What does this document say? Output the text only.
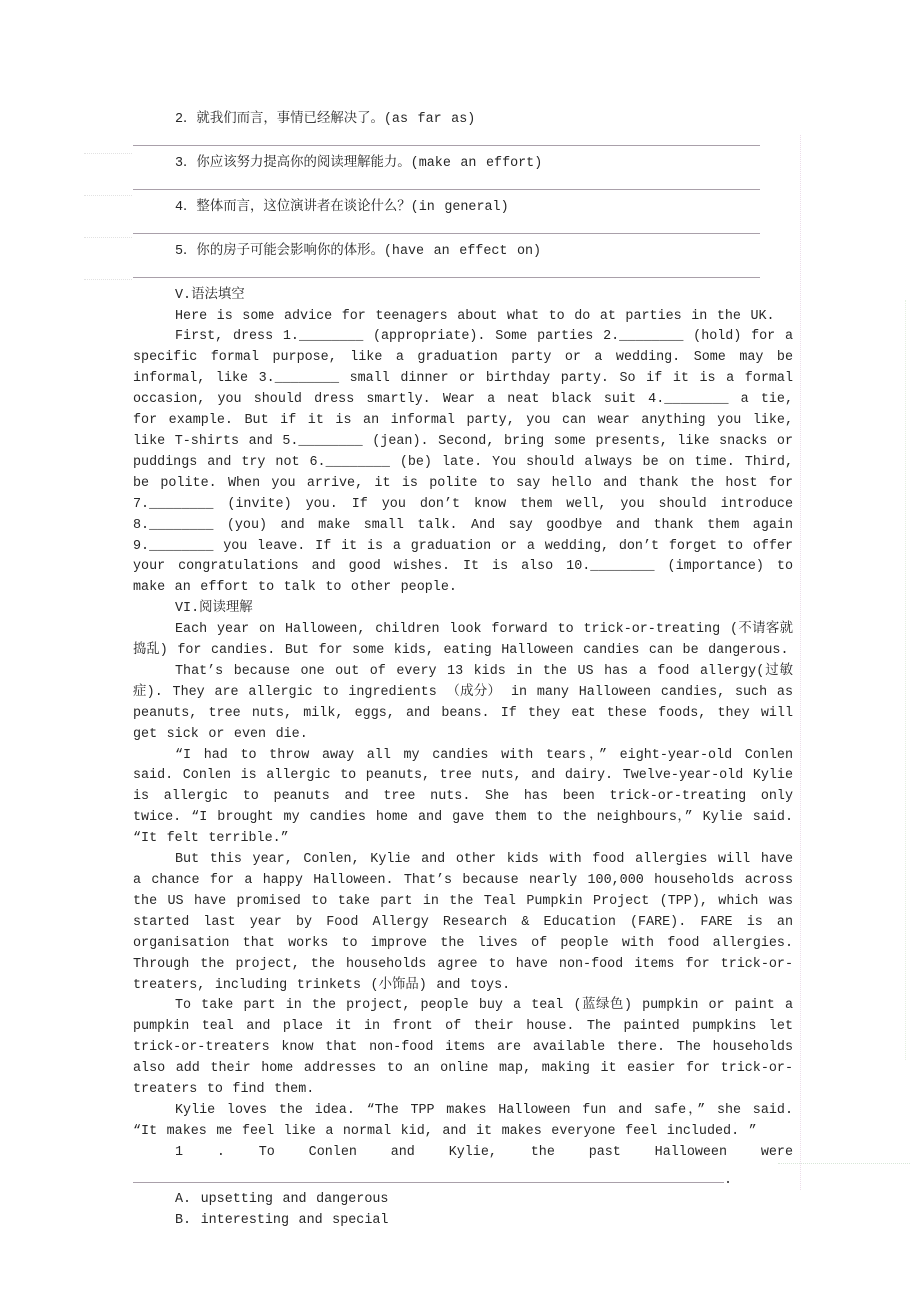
2．就我们而言，事情已经解决了。(as far as)
3．你应该努力提高你的阅读理解能力。(make an effort)
4．整体而言，这位演讲者在谈论什么？(in general)
5．你的房子可能会影响你的体形。(have an effect on)
V.语法填空

Here is some advice for teenagers about what to do at parties in the UK.

First, dress 1.________ (appropriate). Some parties 2.________ (hold) for a specific formal purpose, like a graduation party or a wedding. Some may be informal, like 3.________ small dinner or birthday party. So if it is a formal occasion, you should dress smartly. Wear a neat black suit 4.________ a tie, for example. But if it is an informal party, you can wear anything you like, like T-shirts and 5.________ (jean). Second, bring some presents, like snacks or puddings and try not 6.________ (be) late. You should always be on time. Third, be polite. When you arrive, it is polite to say hello and thank the host for 7.________ (invite) you. If you don’t know them well, you should introduce 8.________ (you) and make small talk. And say goodbye and thank them again 9.________ you leave. If it is a graduation or a wedding, don’t forget to offer your congratulations and good wishes. It is also 10.________ (importance) to make an effort to talk to other people.

VI.阅读理解

Each year on Halloween, children look forward to trick-or-treating (不请客就捣乱) for candies. But for some kids, eating Halloween candies can be dangerous.

That’s because one out of every 13 kids in the US has a food allergy(过敏症). They are allergic to ingredients （成分） in many Halloween candies, such as peanuts, tree nuts, milk, eggs, and beans. If they eat these foods, they will get sick or even die.

“I had to throw away all my candies with tears，” eight-year-old Conlen said. Conlen is allergic to peanuts, tree nuts, and dairy. Twelve-year-old Kylie is allergic to peanuts and tree nuts. She has been trick-or-treating only twice. “I brought my candies home and gave them to the neighbours，” Kylie said. “It felt terrible.”

But this year, Conlen, Kylie and other kids with food allergies will have a chance for a happy Halloween. That’s because nearly 100,000 households across the US have promised to take part in the Teal Pumpkin Project (TPP), which was started last year by Food Allergy Research & Education (FARE). FARE is an organisation that works to improve the lives of people with food allergies. Through the project, the households agree to have non-food items for trick-or-treaters, including trinkets (小饰品) and toys.

To take part in the project, people buy a teal (蓝绿色) pumpkin or paint a pumpkin teal and place it in front of their house. The painted pumpkins let trick-or-treaters know that non-food items are available there. The households also add their home addresses to an online map, making it easier for trick-or-treaters to find them.

Kylie loves the idea. “The TPP makes Halloween fun and safe，” she said. “It makes me feel like a normal kid, and it makes everyone feel included. ”

1 . To Conlen and Kylie, the past Halloween were

.

A. upsetting and dangerous

B. interesting and special
